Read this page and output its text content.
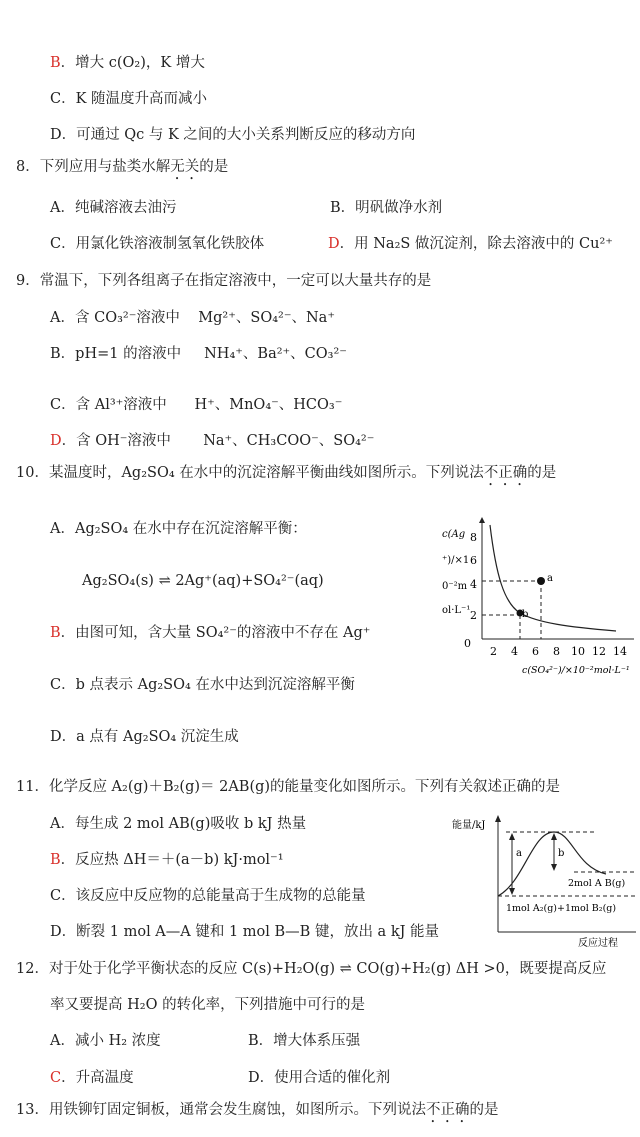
B．增大 c(O₂)，K 增大
C．K 随温度升高而减小
D．可通过 Qc 与 K 之间的大小关系判断反应的移动方向
8．下列应用与盐类水解无关的是
A．纯碱溶液去油污	B．明矾做净水剂
C．用氯化铁溶液制氢氧化铁胶体	D．用 Na₂S 做沉淀剂，除去溶液中的 Cu²⁺
9．常温下，下列各组离子在指定溶液中，一定可以大量共存的是
A．含 CO₃²⁻溶液中    Mg²⁺、SO₄²⁻、Na⁺
B．pH=1 的溶液中     NH₄⁺、Ba²⁺、CO₃²⁻
C．含 Al³⁺溶液中      H⁺、MnO₄⁻、HCO₃⁻
D．含 OH⁻溶液中       Na⁺、CH₃COO⁻、SO₄²⁻
10．某温度时，Ag₂SO₄ 在水中的沉淀溶解平衡曲线如图所示。下列说法不正确的是
A．Ag₂SO₄ 在水中存在沉淀溶解平衡：
Ag₂SO₄(s) ⇌ 2Ag⁺(aq)+SO₄²⁻(aq)
B．由图可知，含大量 SO₄²⁻的溶液中不存在 Ag⁺
C．b 点表示 Ag₂SO₄ 在水中达到沉淀溶解平衡
D．a 点有 Ag₂SO₄ 沉淀生成
c(Ag
⁺)/×1
0⁻²m
ol·L⁻¹
8
6
4
2
0
2 4 6 8 10 12 14
c(SO₄²⁻)/×10⁻²mol·L⁻¹
a
b
11．化学反应 A₂(g)＋B₂(g)＝ 2AB(g)的能量变化如图所示。下列有关叙述正确的是
A．每生成 2 mol AB(g)吸收 b kJ 热量
B．反应热 ΔH＝＋(a－b) kJ·mol⁻¹
C．该反应中反应物的总能量高于生成物的总能量
D．断裂 1 mol A—A 键和 1 mol B—B 键，放出 a kJ 能量
能量/kJ
反应过程
a	b
2mol A B(g)
1mol A₂(g)+1mol B₂(g)
12．对于处于化学平衡状态的反应 C(s)+H₂O(g) ⇌ CO(g)+H₂(g) ΔH >0，既要提高反应
率又要提高 H₂O 的转化率，下列措施中可行的是
A．减小 H₂ 浓度	B．增大体系压强
C．升高温度	D．使用合适的催化剂
13．用铁铆钉固定铜板，通常会发生腐蚀，如图所示。下列说法不正确的是
